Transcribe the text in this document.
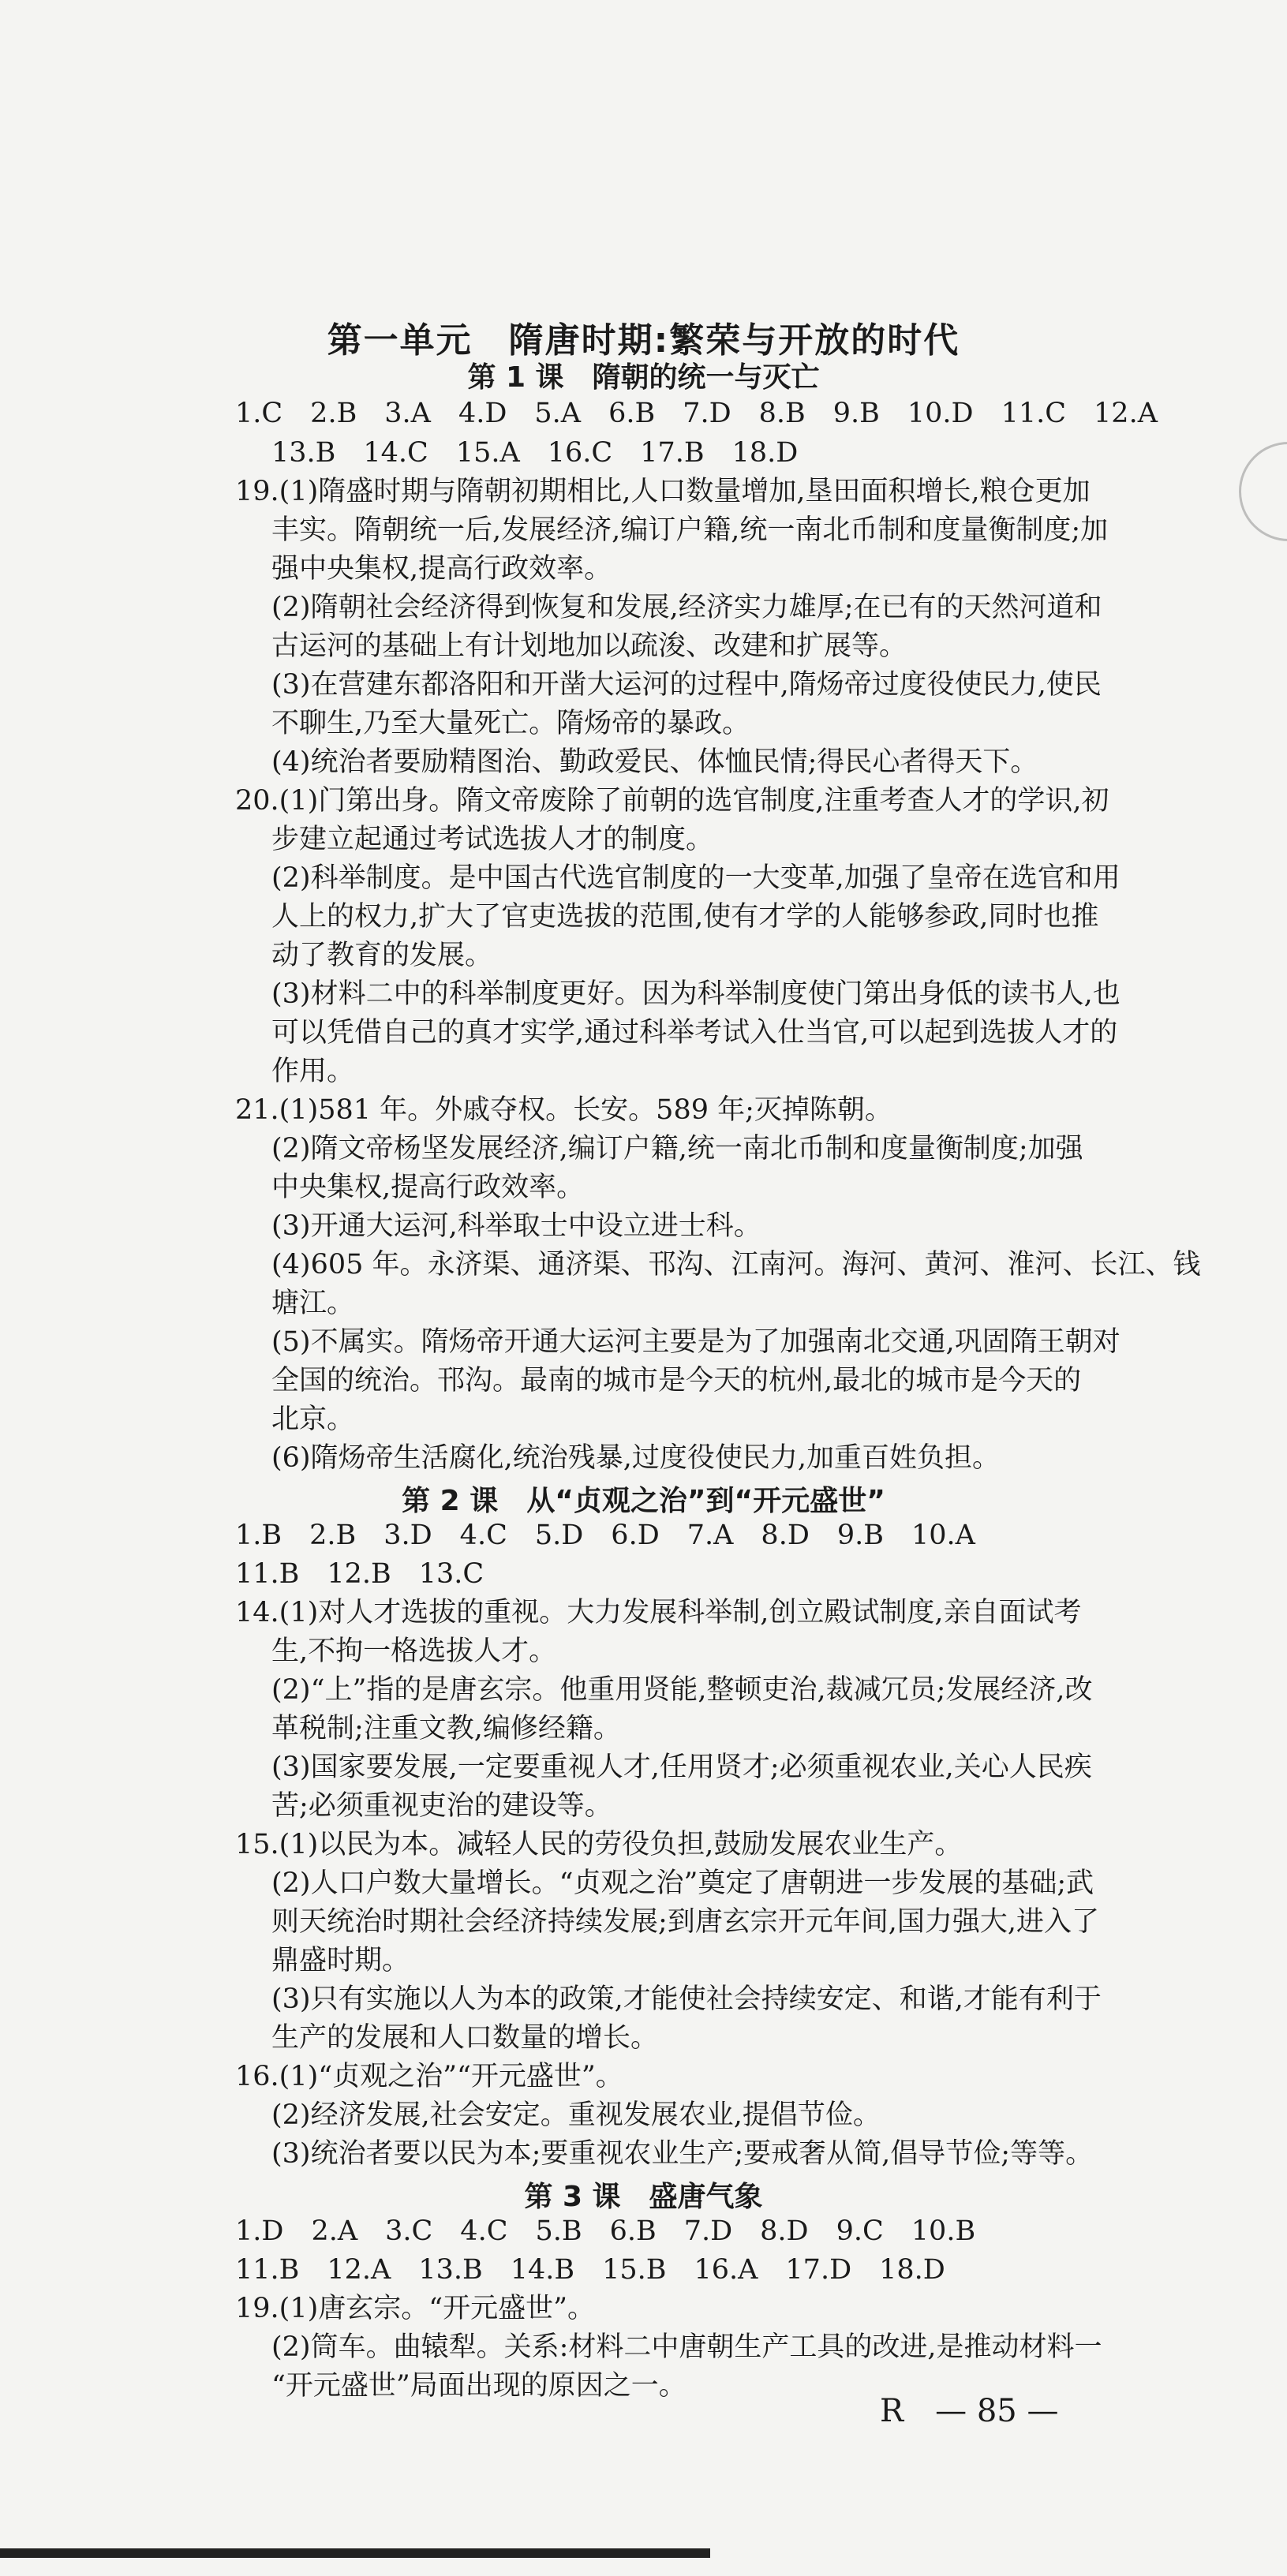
第一单元　隋唐时期:繁荣与开放的时代
第 1 课　隋朝的统一与灭亡
1.C　2.B　3.A　4.D　5.A　6.B　7.D　8.B　9.B　10.D　11.C　12.A
13.B　14.C　15.A　16.C　17.B　18.D
19.(1)隋盛时期与隋朝初期相比,人口数量增加,垦田面积增长,粮仓更加
丰实。隋朝统一后,发展经济,编订户籍,统一南北币制和度量衡制度;加
强中央集权,提高行政效率。
(2)隋朝社会经济得到恢复和发展,经济实力雄厚;在已有的天然河道和
古运河的基础上有计划地加以疏浚、改建和扩展等。
(3)在营建东都洛阳和开凿大运河的过程中,隋炀帝过度役使民力,使民
不聊生,乃至大量死亡。隋炀帝的暴政。
(4)统治者要励精图治、勤政爱民、体恤民情;得民心者得天下。
20.(1)门第出身。隋文帝废除了前朝的选官制度,注重考查人才的学识,初
步建立起通过考试选拔人才的制度。
(2)科举制度。是中国古代选官制度的一大变革,加强了皇帝在选官和用
人上的权力,扩大了官吏选拔的范围,使有才学的人能够参政,同时也推
动了教育的发展。
(3)材料二中的科举制度更好。因为科举制度使门第出身低的读书人,也
可以凭借自己的真才实学,通过科举考试入仕当官,可以起到选拔人才的
作用。
21.(1)581 年。外戚夺权。长安。589 年;灭掉陈朝。
(2)隋文帝杨坚发展经济,编订户籍,统一南北币制和度量衡制度;加强
中央集权,提高行政效率。
(3)开通大运河,科举取士中设立进士科。
(4)605 年。永济渠、通济渠、邗沟、江南河。海河、黄河、淮河、长江、钱
塘江。
(5)不属实。隋炀帝开通大运河主要是为了加强南北交通,巩固隋王朝对
全国的统治。邗沟。最南的城市是今天的杭州,最北的城市是今天的
北京。
(6)隋炀帝生活腐化,统治残暴,过度役使民力,加重百姓负担。
第 2 课　从“贞观之治”到“开元盛世”
1.B　2.B　3.D　4.C　5.D　6.D　7.A　8.D　9.B　10.A
11.B　12.B　13.C
14.(1)对人才选拔的重视。大力发展科举制,创立殿试制度,亲自面试考
生,不拘一格选拔人才。
(2)“上”指的是唐玄宗。他重用贤能,整顿吏治,裁减冗员;发展经济,改
革税制;注重文教,编修经籍。
(3)国家要发展,一定要重视人才,任用贤才;必须重视农业,关心人民疾
苦;必须重视吏治的建设等。
15.(1)以民为本。减轻人民的劳役负担,鼓励发展农业生产。
(2)人口户数大量增长。“贞观之治”奠定了唐朝进一步发展的基础;武
则天统治时期社会经济持续发展;到唐玄宗开元年间,国力强大,进入了
鼎盛时期。
(3)只有实施以人为本的政策,才能使社会持续安定、和谐,才能有利于
生产的发展和人口数量的增长。
16.(1)“贞观之治”“开元盛世”。
(2)经济发展,社会安定。重视发展农业,提倡节俭。
(3)统治者要以民为本;要重视农业生产;要戒奢从简,倡导节俭;等等。
第 3 课　盛唐气象
1.D　2.A　3.C　4.C　5.B　6.B　7.D　8.D　9.C　10.B
11.B　12.A　13.B　14.B　15.B　16.A　17.D　18.D
19.(1)唐玄宗。“开元盛世”。
(2)筒车。曲辕犁。关系:材料二中唐朝生产工具的改进,是推动材料一
“开元盛世”局面出现的原因之一。
R　— 85 —
